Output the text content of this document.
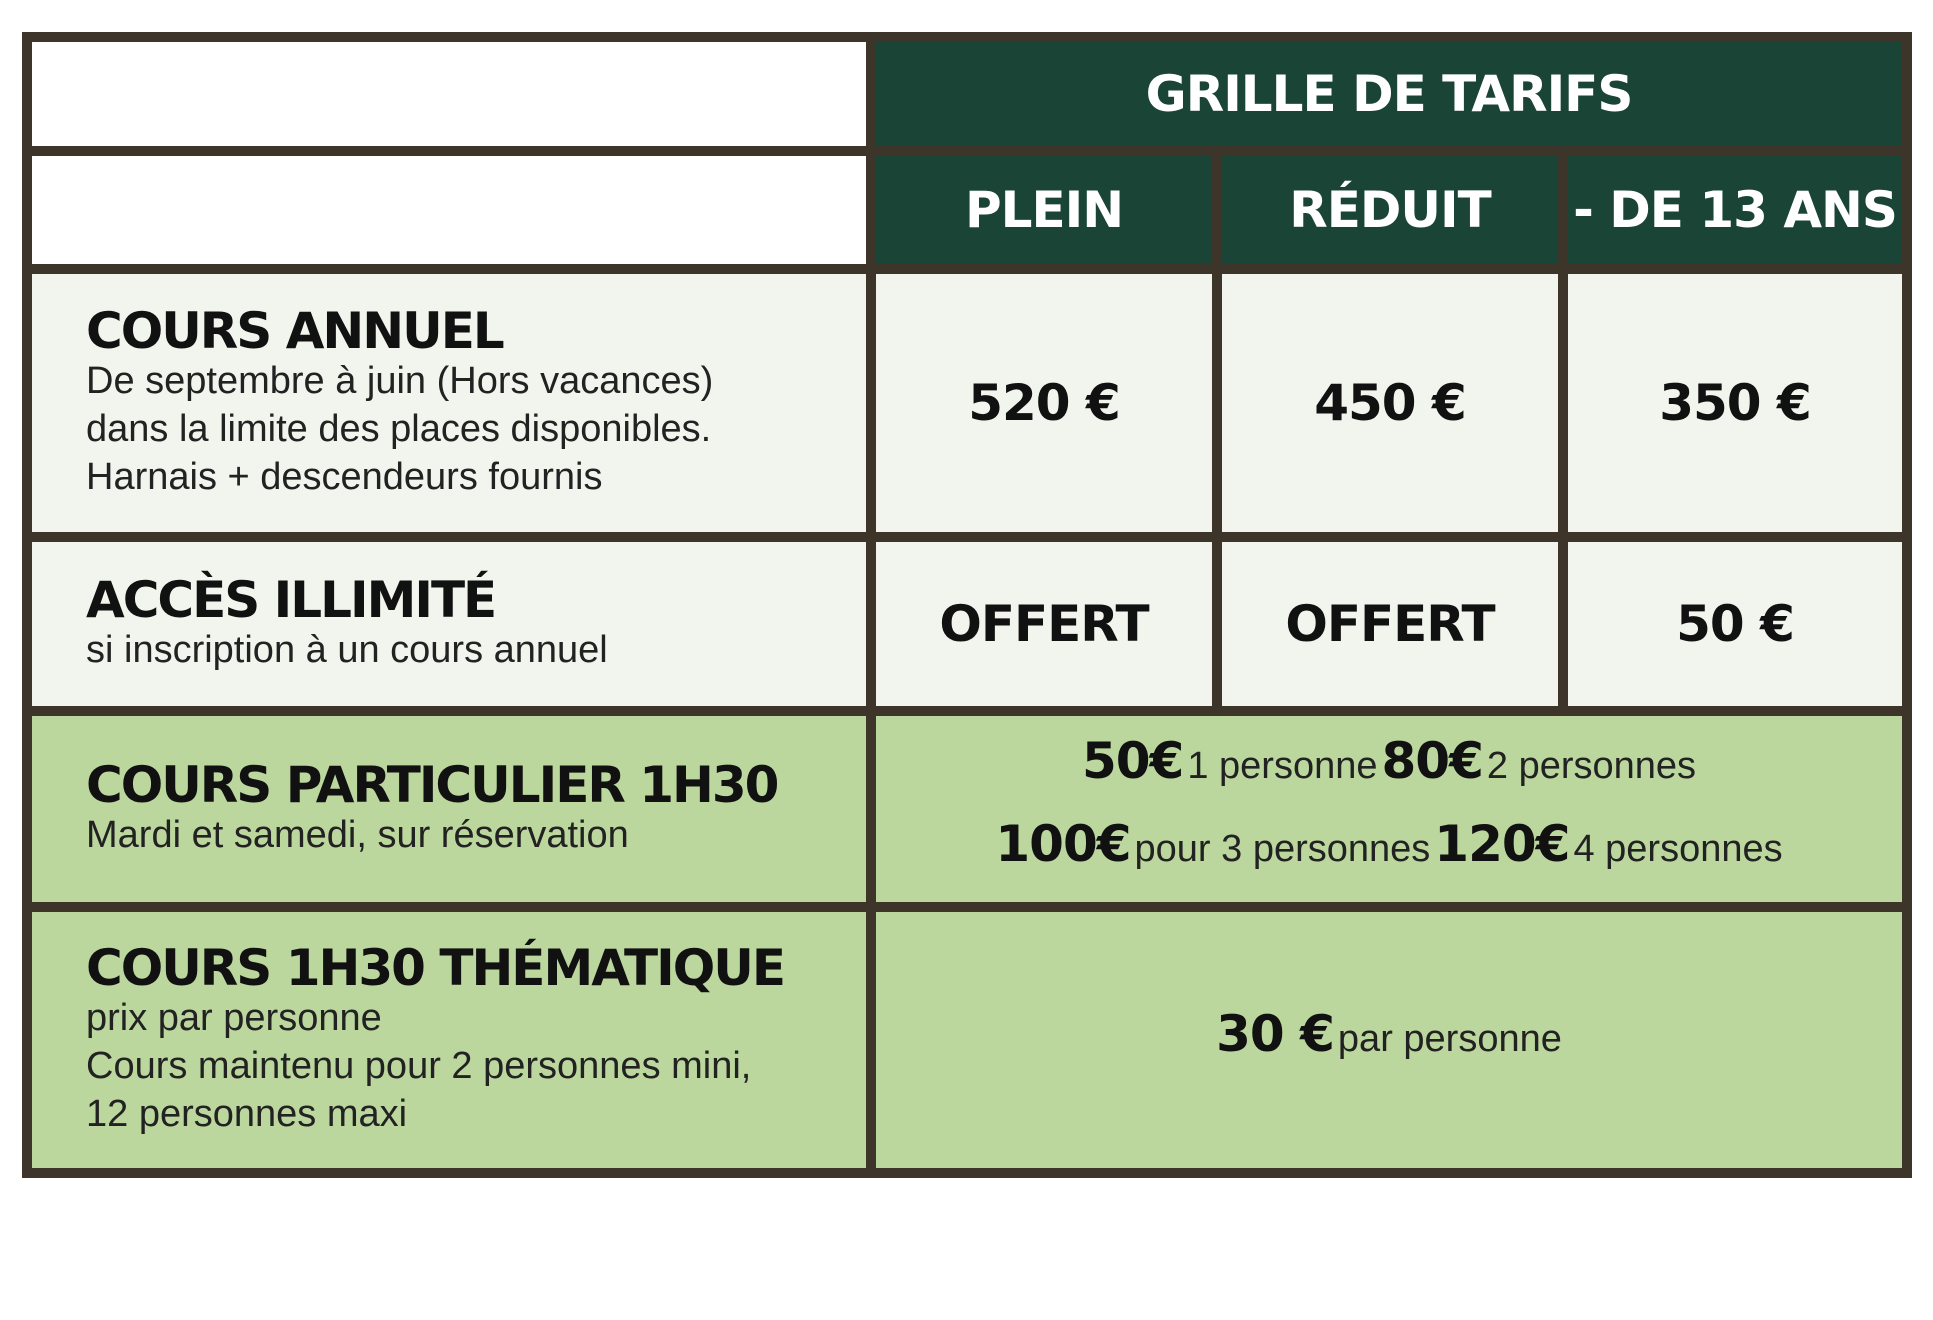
GRILLE DE TARIFS
PLEIN	RÉDUIT	- DE 13 ANS
COURS ANNUEL
De septembre à juin (Hors vacances)
dans la limite des places disponibles.
Harnais + descendeurs fournis
520 €	450 €	350 €
ACCÈS ILLIMITÉ
si inscription à un cours annuel	OFFERT	OFFERT	50 €
COURS PARTICULIER 1H30
Mardi et samedi, sur réservation
50€ 1 personne 80€ 2 personnes
100€ pour 3 personnes 120€ 4 personnes
COURS 1H30 THÉMATIQUE
prix par personne
Cours maintenu pour 2 personnes mini,
12 personnes maxi
30 € par personne
